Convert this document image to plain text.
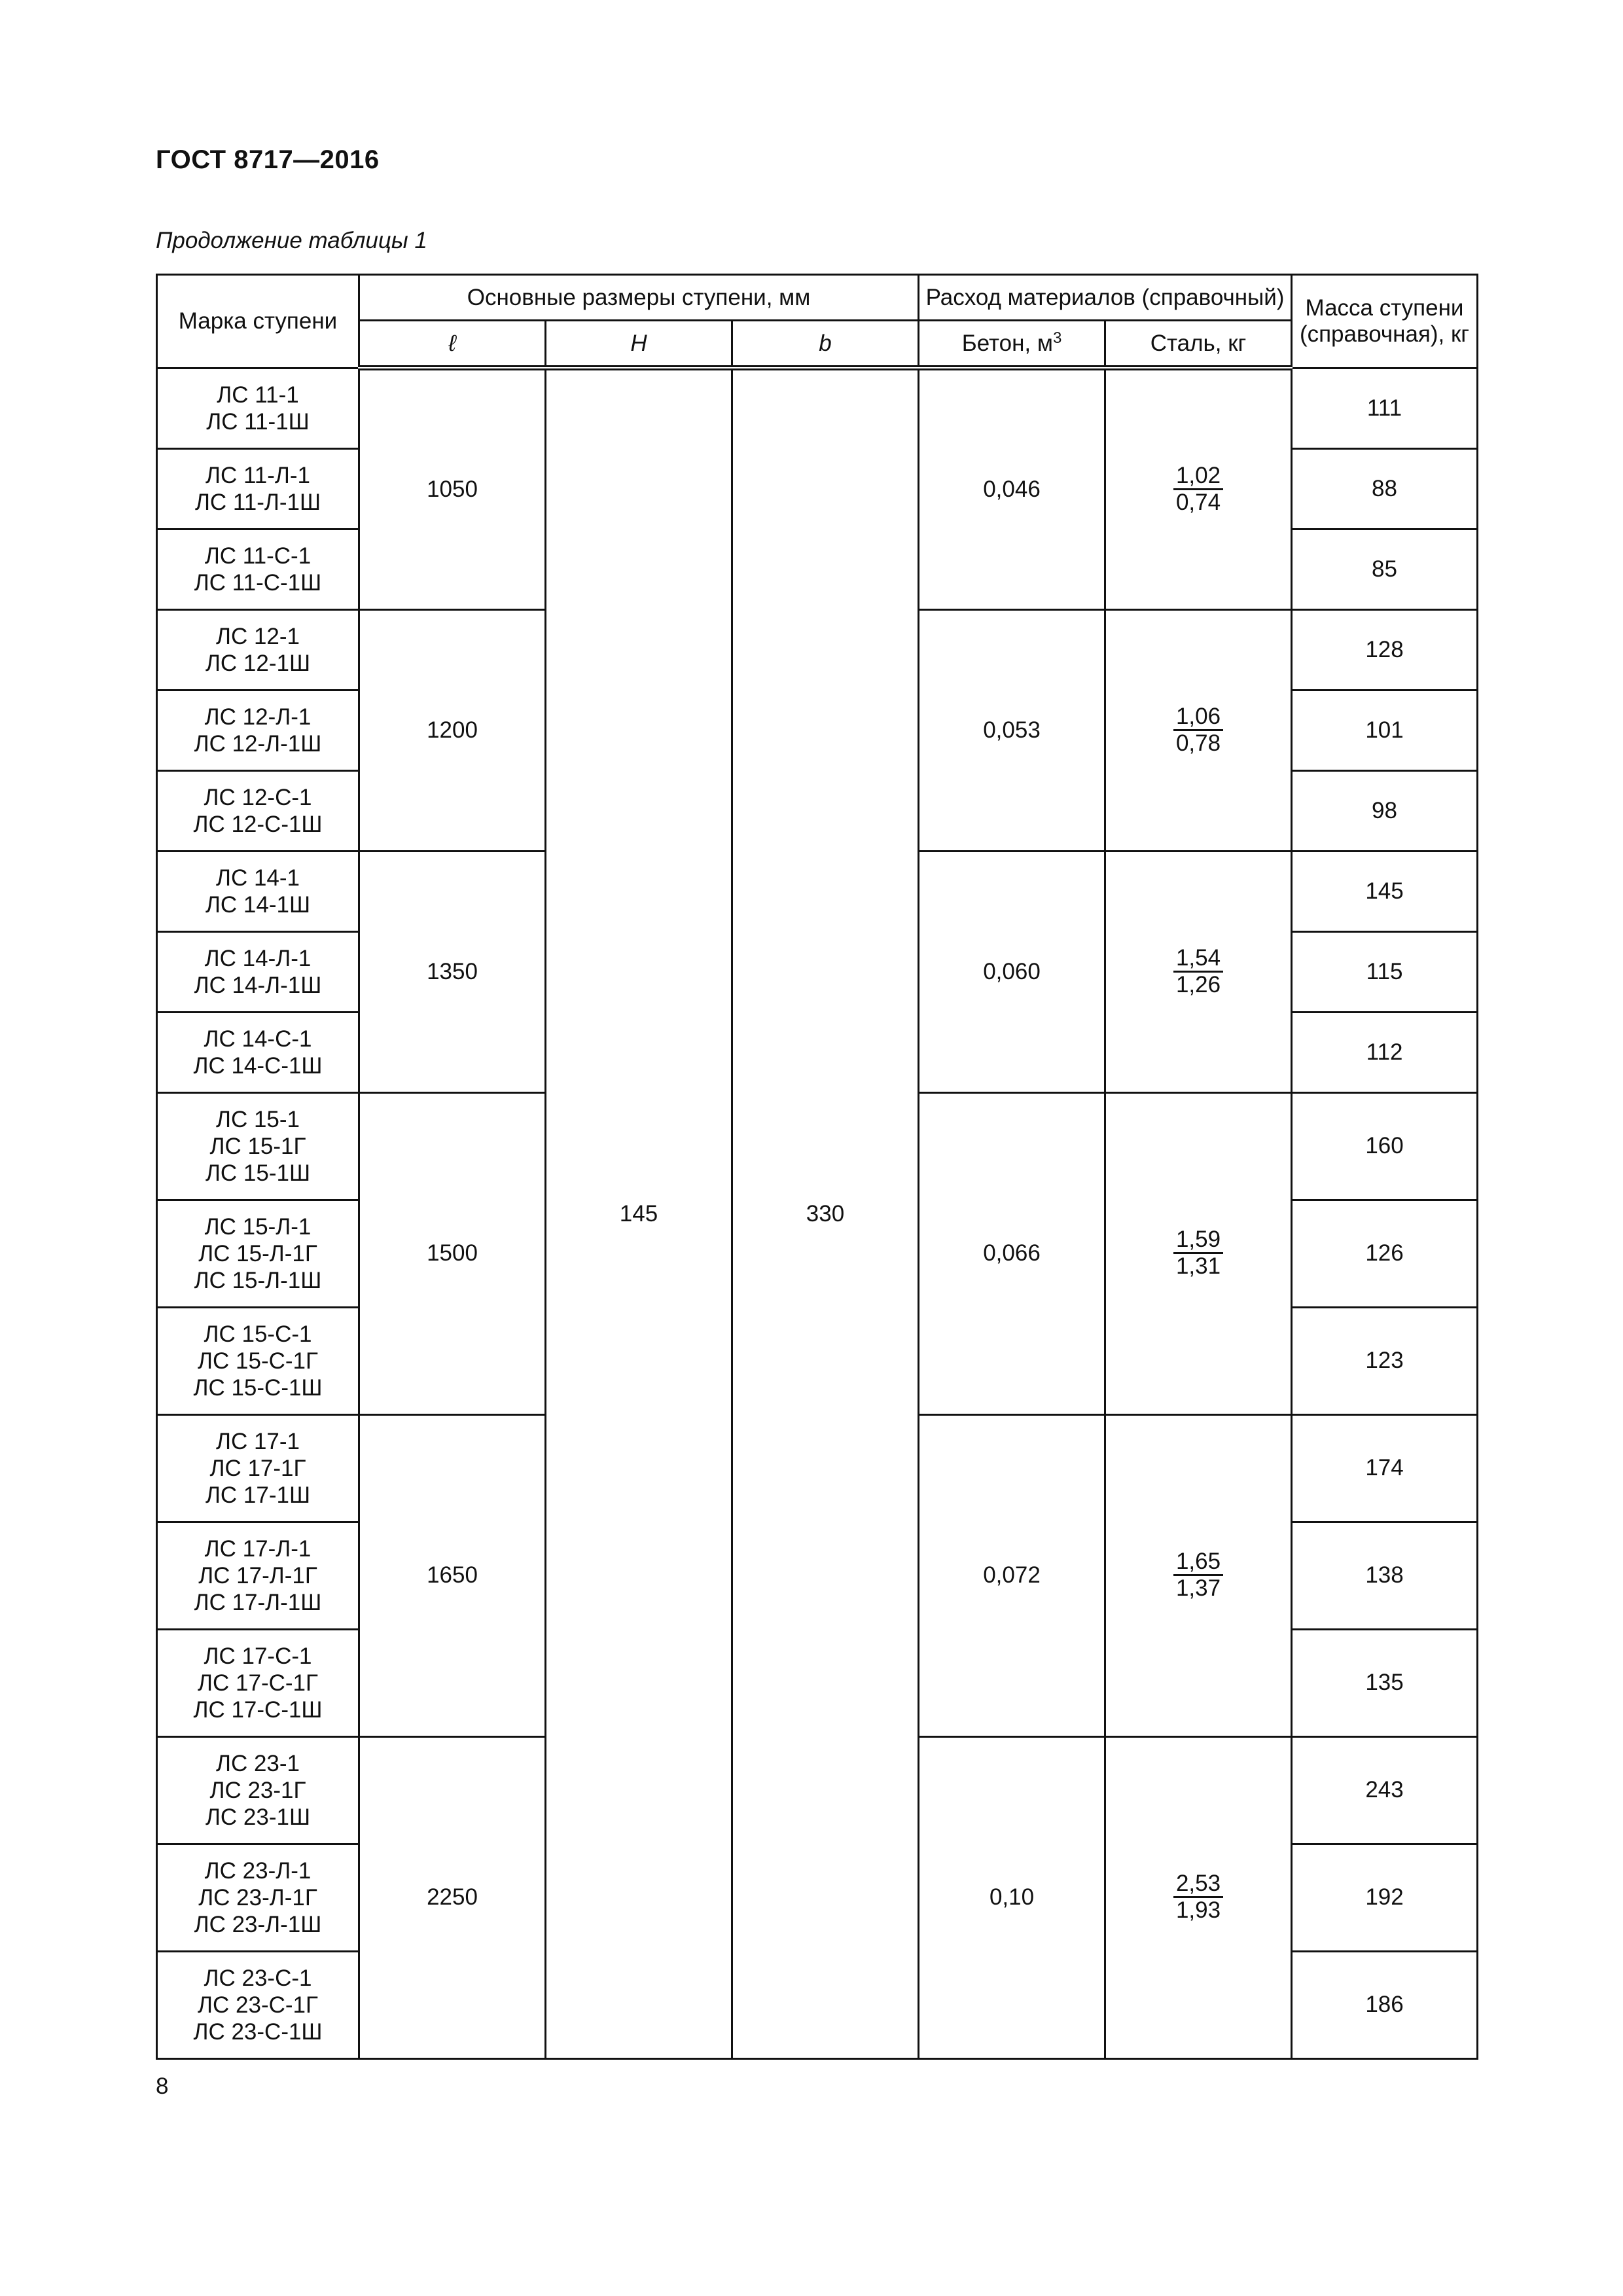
ГОСТ 8717—2016
Продолжение таблицы 1
Марка ступени	Основные размеры ступени, мм			Расход материалов (справочный)		Масса ступени (справочная), кг
	ℓ	H	b	Бетон, $м^3$	Сталь, кг	

ЛС 11-1
ЛС 11-1Ш	1050	145	330	0,046	$\frac{1,02}{0,74}$	111

ЛС 11-Л-1
ЛС 11-Л-1Ш						88

ЛС 11-С-1
ЛС 11-С-1Ш						85

ЛС 12-1
ЛС 12-1Ш	1200			0,053	$\frac{1,06}{0,78}$	128

ЛС 12-Л-1
ЛС 12-Л-1Ш						101

ЛС 12-С-1
ЛС 12-С-1Ш						98

ЛС 14-1
ЛС 14-1Ш	1350			0,060	$\frac{1,54}{1,26}$	145

ЛС 14-Л-1
ЛС 14-Л-1Ш						115

ЛС 14-С-1
ЛС 14-С-1Ш						112

ЛС 15-1
ЛС 15-1Г
ЛС 15-1Ш	1500			0,066	$\frac{1,59}{1,31}$	160

ЛС 15-Л-1
ЛС 15-Л-1Г
ЛС 15-Л-1Ш						126

ЛС 15-С-1
ЛС 15-С-1Г
ЛС 15-С-1Ш						123

ЛС 17-1
ЛС 17-1Г
ЛС 17-1Ш	1650			0,072	$\frac{1,65}{1,37}$	174

ЛС 17-Л-1
ЛС 17-Л-1Г
ЛС 17-Л-1Ш						138

ЛС 17-С-1
ЛС 17-С-1Г
ЛС 17-С-1Ш						135

ЛС 23-1
ЛС 23-1Г
ЛС 23-1Ш	2250			0,10	$\frac{2,53}{1,93}$	243

ЛС 23-Л-1
ЛС 23-Л-1Г
ЛС 23-Л-1Ш						192

ЛС 23-С-1
ЛС 23-С-1Г
ЛС 23-С-1Ш						186
8
